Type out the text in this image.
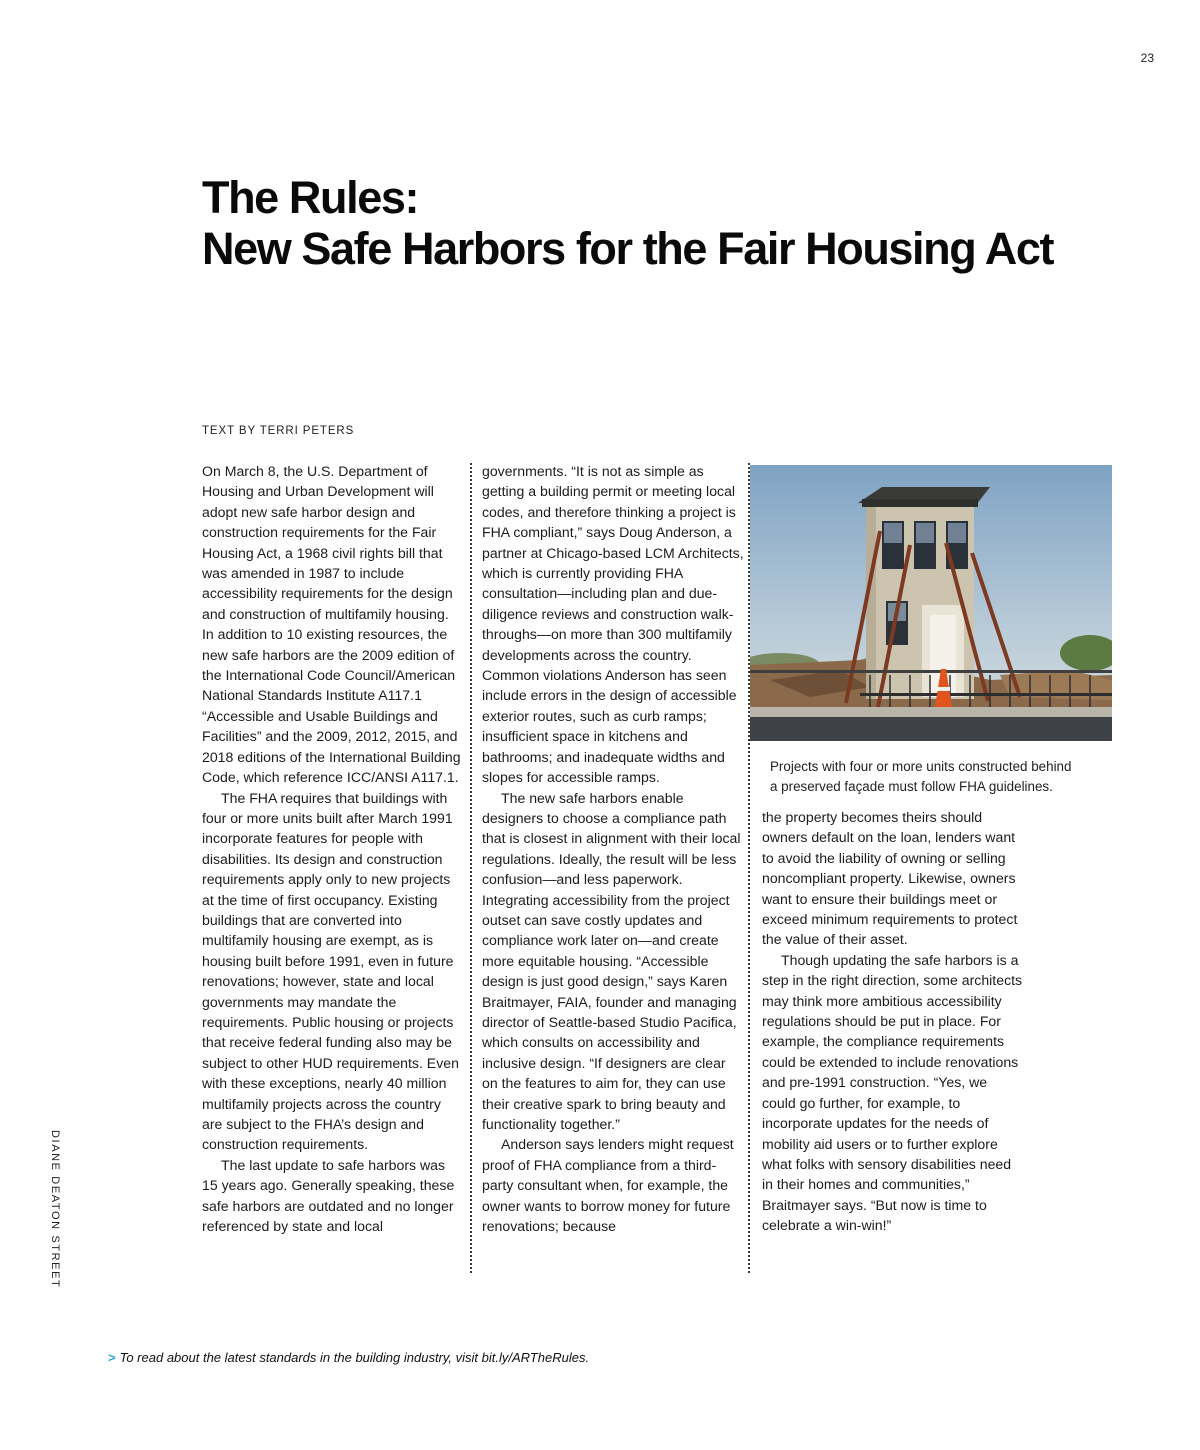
23
The Rules:
New Safe Harbors for the Fair Housing Act
TEXT BY TERRI PETERS

On March 8, the U.S. Department of Housing and Urban Development will adopt new safe harbor design and construction requirements for the Fair Housing Act, a 1968 civil rights bill that was amended in 1987 to include accessibility requirements for the design and construction of multifamily housing. In addition to 10 existing resources, the new safe harbors are the 2009 edition of the International Code Council/American National Standards Institute A117.1 “Accessible and Usable Buildings and Facilities” and the 2009, 2012, 2015, and 2018 editions of the International Building Code, which reference ICC/ANSI A117.1.

The FHA requires that buildings with four or more units built after March 1991 incorporate features for people with disabilities. Its design and construction requirements apply only to new projects at the time of first occupancy. Existing buildings that are converted into multifamily housing are exempt, as is housing built before 1991, even in future renovations; however, state and local governments may mandate the requirements. Public housing or projects that receive federal funding also may be subject to other HUD requirements. Even with these exceptions, nearly 40 million multifamily projects across the country are subject to the FHA’s design and construction requirements.

The last update to safe harbors was 15 years ago. Generally speaking, these safe harbors are outdated and no longer referenced by state and local

governments. “It is not as simple as getting a building permit or meeting local codes, and therefore thinking a project is FHA compliant,” says Doug Anderson, a partner at Chicago-based LCM Architects, which is currently providing FHA consultation—including plan and due-diligence reviews and construction walk-throughs—on more than 300 multifamily developments across the country. Common violations Anderson has seen include errors in the design of accessible exterior routes, such as curb ramps; insufficient space in kitchens and bathrooms; and inadequate widths and slopes for accessible ramps.

The new safe harbors enable designers to choose a compliance path that is closest in alignment with their local regulations. Ideally, the result will be less confusion—and less paperwork. Integrating accessibility from the project outset can save costly updates and compliance work later on—and create more equitable housing. “Accessible design is just good design,” says Karen Braitmayer, FAIA, founder and managing director of Seattle-based Studio Pacifica, which consults on accessibility and inclusive design. “If designers are clear on the features to aim for, they can use their creative spark to bring beauty and functionality together.”

Anderson says lenders might request proof of FHA compliance from a third-party consultant when, for example, the owner wants to borrow money for future renovations; because

Projects with four or more units constructed behind
a preserved façade must follow FHA guidelines.

the property becomes theirs should owners default on the loan, lenders want to avoid the liability of owning or selling noncompliant property. Likewise, owners want to ensure their buildings meet or exceed minimum requirements to protect the value of their asset.

Though updating the safe harbors is a step in the right direction, some architects may think more ambitious accessibility regulations should be put in place. For example, the compliance requirements could be extended to include renovations and pre-1991 construction. “Yes, we could go further, for example, to incorporate updates for the needs of mobility aid users or to further explore what folks with sensory disabilities need in their homes and communities,” Braitmayer says. “But now is time to celebrate a win-win!”

DIANE DEATON STREET
> To read about the latest standards in the building industry, visit bit.ly/ARTheRules.
